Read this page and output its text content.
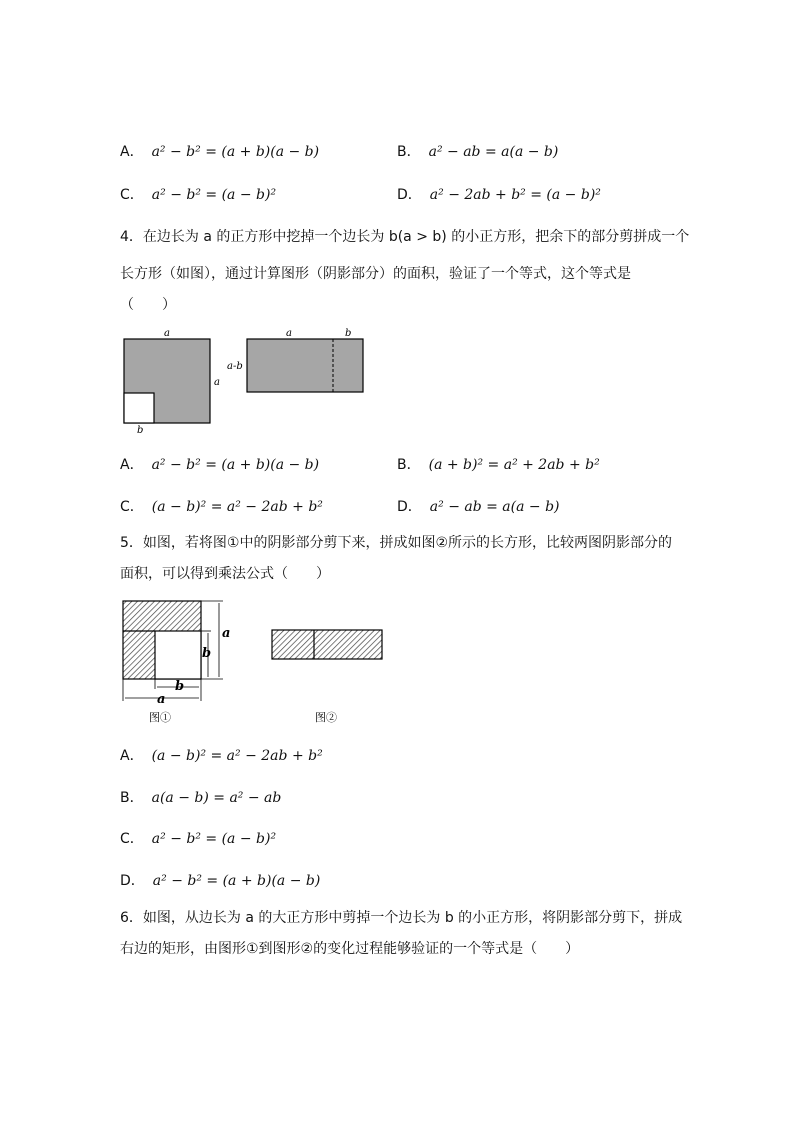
A． a² − b² = (a + b)(a − b)	B． a² − ab = a(a − b)
C． a² − b² = (a − b)²	D． a² − 2ab + b² = (a − b)²
4．在边长为 a 的正方形中挖掉一个边长为 b(a > b) 的小正方形，把余下的部分剪拼成一个
长方形（如图），通过计算图形（阴影部分）的面积，验证了一个等式，这个等式是
（　　）
a
a
b
a	b
a-b
A． a² − b² = (a + b)(a − b)	B． (a + b)² = a² + 2ab + b²
C． (a − b)² = a² − 2ab + b²	D． a² − ab = a(a − b)
5．如图，若将图①中的阴影部分剪下来，拼成如图②所示的长方形，比较两图阴影部分的
面积，可以得到乘法公式（　　）
a
b
b
a
图①	图②
A． (a − b)² = a² − 2ab + b²
B． a(a − b) = a² − ab
C． a² − b² = (a − b)²
D． a² − b² = (a + b)(a − b)
6．如图，从边长为 a 的大正方形中剪掉一个边长为 b 的小正方形，将阴影部分剪下，拼成
右边的矩形，由图形①到图形②的变化过程能够验证的一个等式是（　　）
